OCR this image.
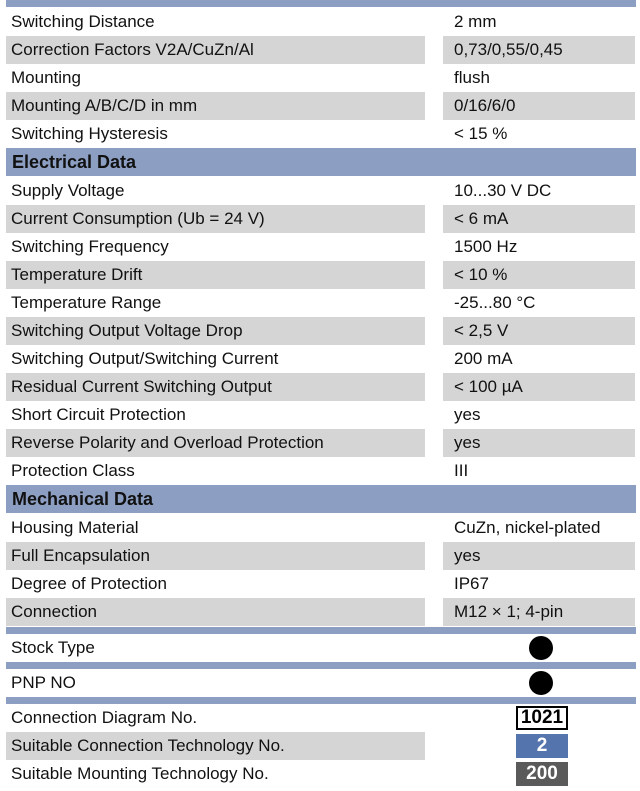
Switching Distance	2 mm
Correction Factors V2A/CuZn/Al	0,73/0,55/0,45
Mounting	flush
Mounting A/B/C/D in mm	0/16/6/0
Switching Hysteresis	< 15 %
Electrical Data
Supply Voltage	10...30 V DC
Current Consumption (Ub = 24 V)	< 6 mA
Switching Frequency	1500 Hz
Temperature Drift	< 10 %
Temperature Range	-25...80 °C
Switching Output Voltage Drop	< 2,5 V
Switching Output/Switching Current	200 mA
Residual Current Switching Output	< 100 µA
Short Circuit Protection	yes
Reverse Polarity and Overload Protection	yes
Protection Class	III
Mechanical Data
Housing Material	CuZn, nickel-plated
Full Encapsulation	yes
Degree of Protection	IP67
Connection	M12 × 1; 4-pin
Stock Type
PNP NO
Connection Diagram No.	1021
Suitable Connection Technology No.	2
Suitable Mounting Technology No.	200
